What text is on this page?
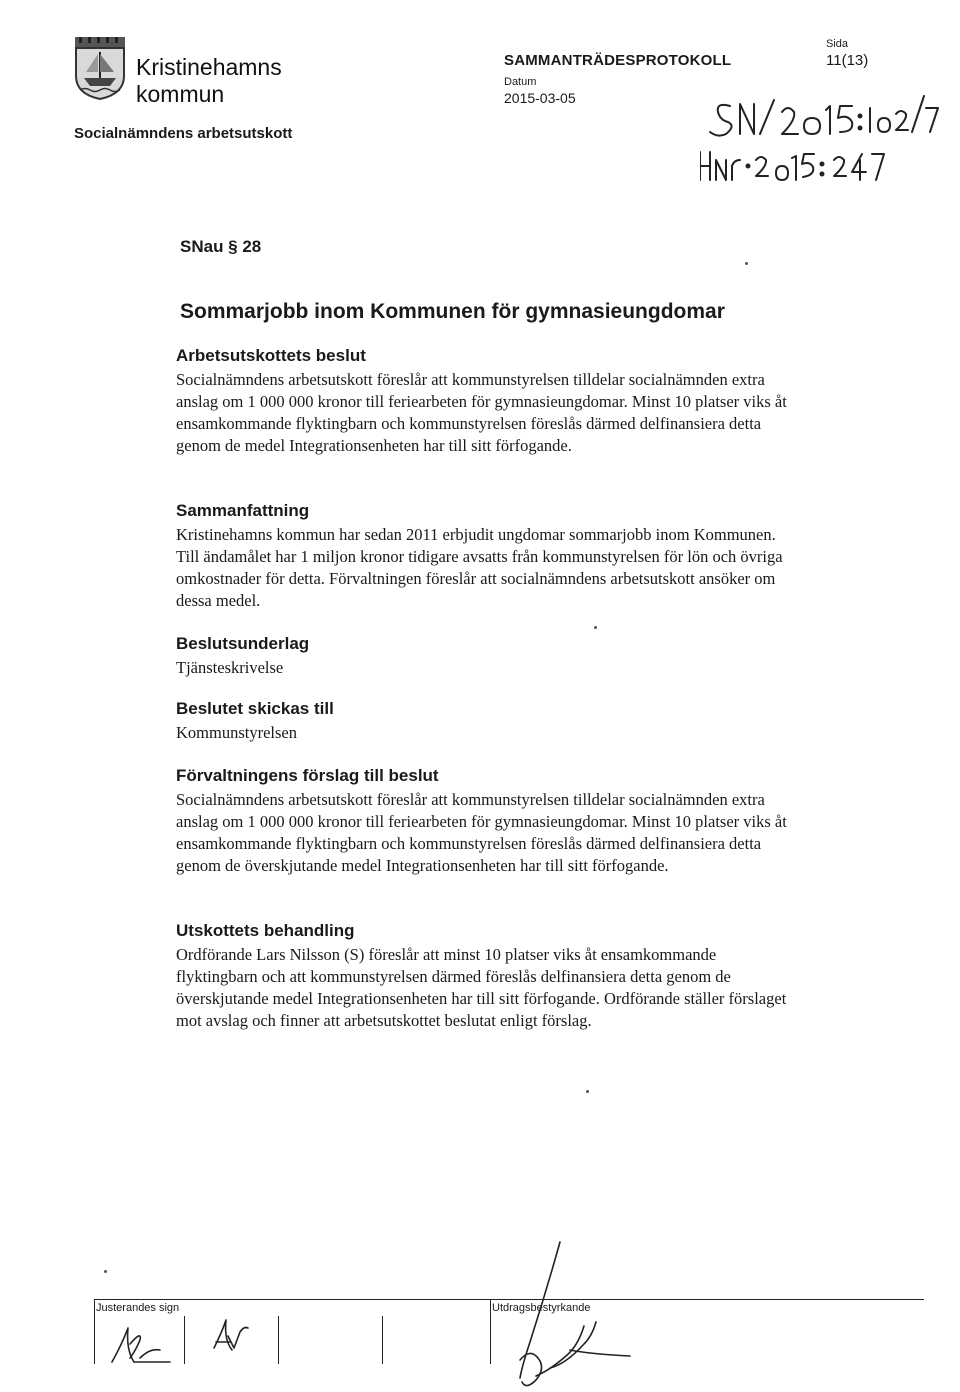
Kristinehamns
kommun
Socialnämndens arbetsutskott
SAMMANTRÄDESPROTOKOLL
Datum
2015-03-05
Sida
11(13)
SNau § 28
Sommarjobb inom Kommunen för gymnasieungdomar
Arbetsutskottets beslut

Socialnämndens arbetsutskott föreslår att kommunstyrelsen tilldelar socialnämnden extra anslag om 1 000 000 kronor till feriearbeten för gymnasieungdomar. Minst 10 platser viks åt ensamkommande flyktingbarn och kommunstyrelsen föreslås därmed delfinansiera detta genom de medel Integrationsenheten har till sitt förfogande.

Sammanfattning

Kristinehamns kommun har sedan 2011 erbjudit ungdomar sommarjobb inom Kommunen. Till ändamålet har 1 miljon kronor tidigare avsatts från kommunstyrelsen för lön och övriga omkostnader för detta. Förvaltningen föreslår att socialnämndens arbetsutskott ansöker om dessa medel.

Beslutsunderlag

Tjänsteskrivelse

Beslutet skickas till

Kommunstyrelsen

Förvaltningens förslag till beslut

Socialnämndens arbetsutskott föreslår att kommunstyrelsen tilldelar socialnämnden extra anslag om 1 000 000 kronor till feriearbeten för gymnasieungdomar. Minst 10 platser viks åt ensamkommande flyktingbarn och kommunstyrelsen föreslås därmed delfinansiera detta genom de överskjutande medel Integrationsenheten har till sitt förfogande.

Utskottets behandling

Ordförande Lars Nilsson (S) föreslår att minst 10 platser viks åt ensamkommande flyktingbarn och att kommunstyrelsen därmed föreslås delfinansiera detta genom de överskjutande medel Integrationsenheten har till sitt förfogande. Ordförande ställer förslaget mot avslag och finner att arbetsutskottet beslutat enligt förslag.

Justerandes sign	Utdragsbestyrkande
